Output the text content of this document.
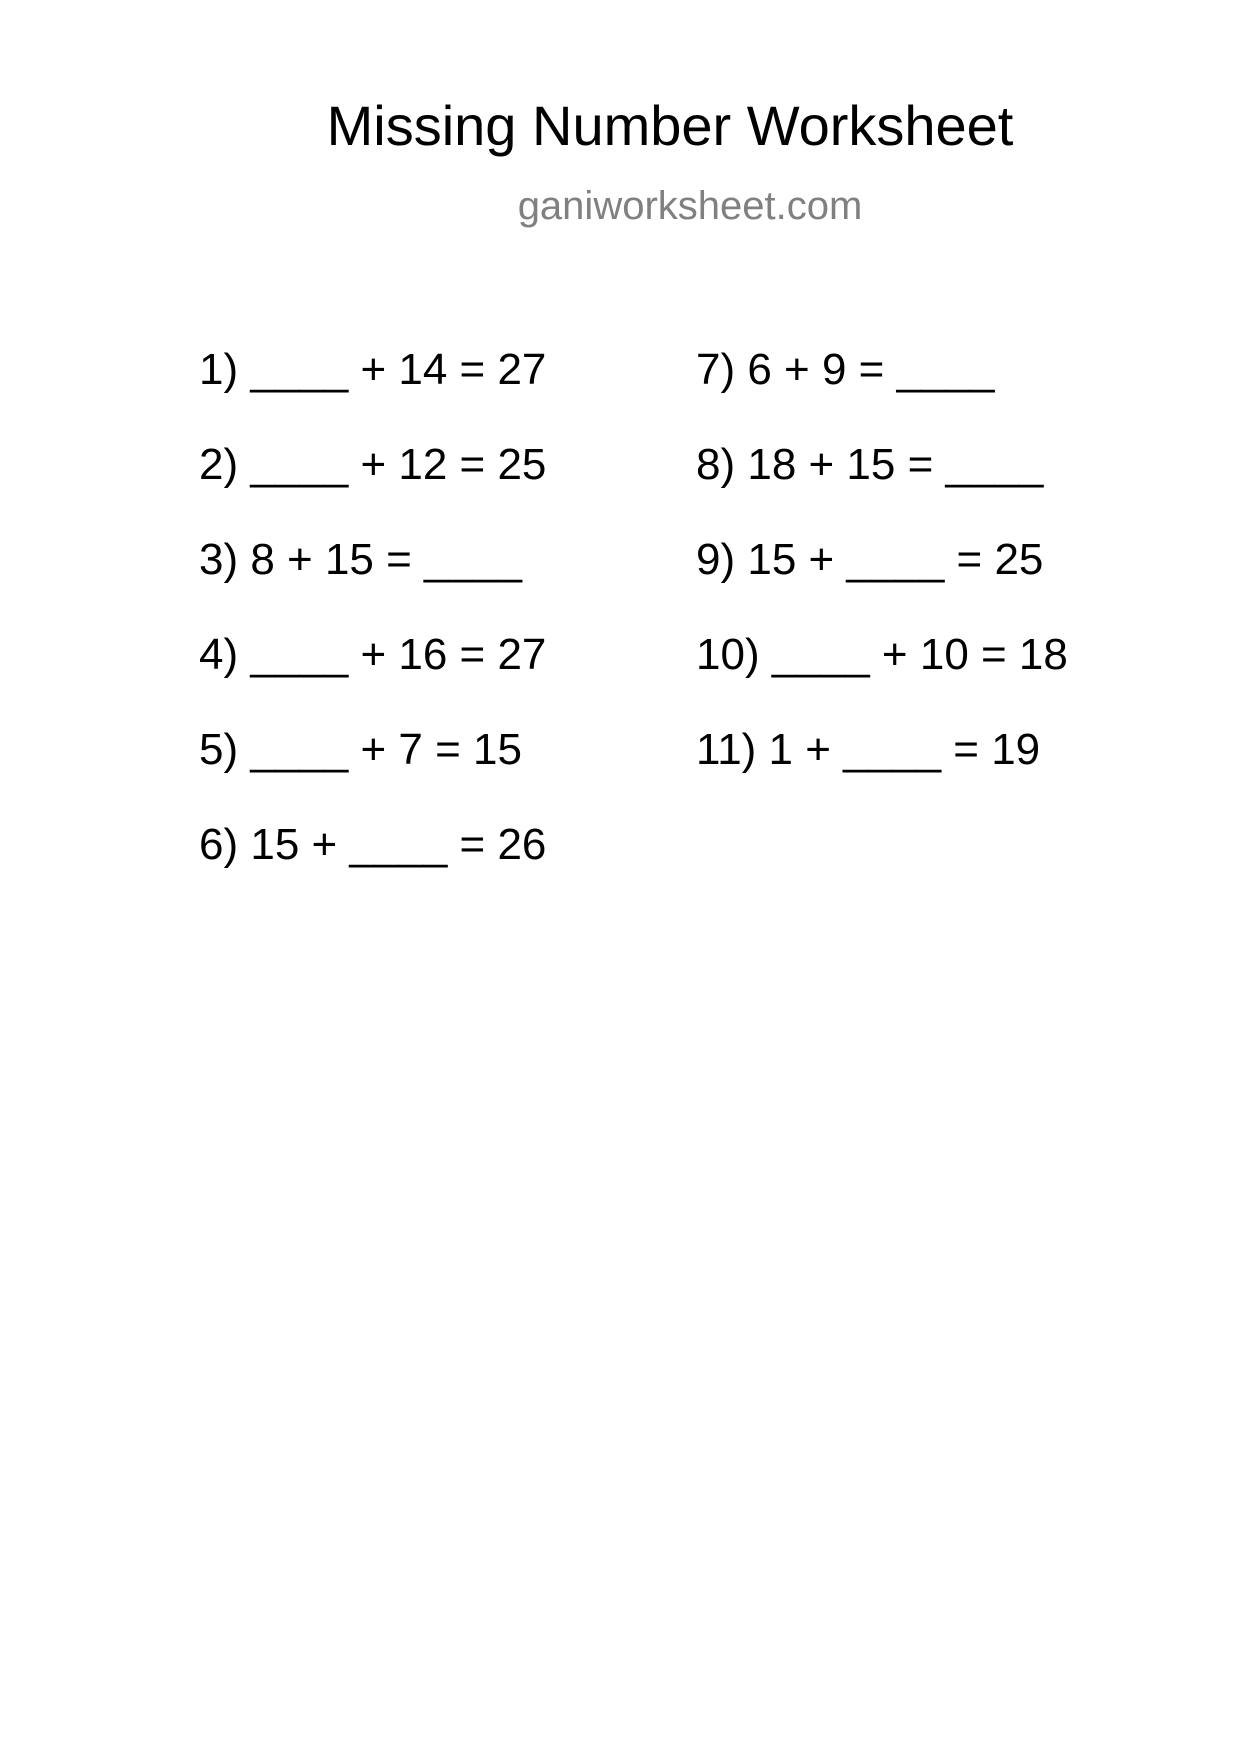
Missing Number Worksheet
ganiworksheet.com
1) ____ + 14 = 27
2) ____ + 12 = 25
3) 8 + 15 = ____
4) ____ + 16 = 27
5) ____ + 7 = 15
6) 15 + ____ = 26
7) 6 + 9 = ____
8) 18 + 15 = ____
9) 15 + ____ = 25
10) ____ + 10 = 18
11) 1 + ____ = 19
